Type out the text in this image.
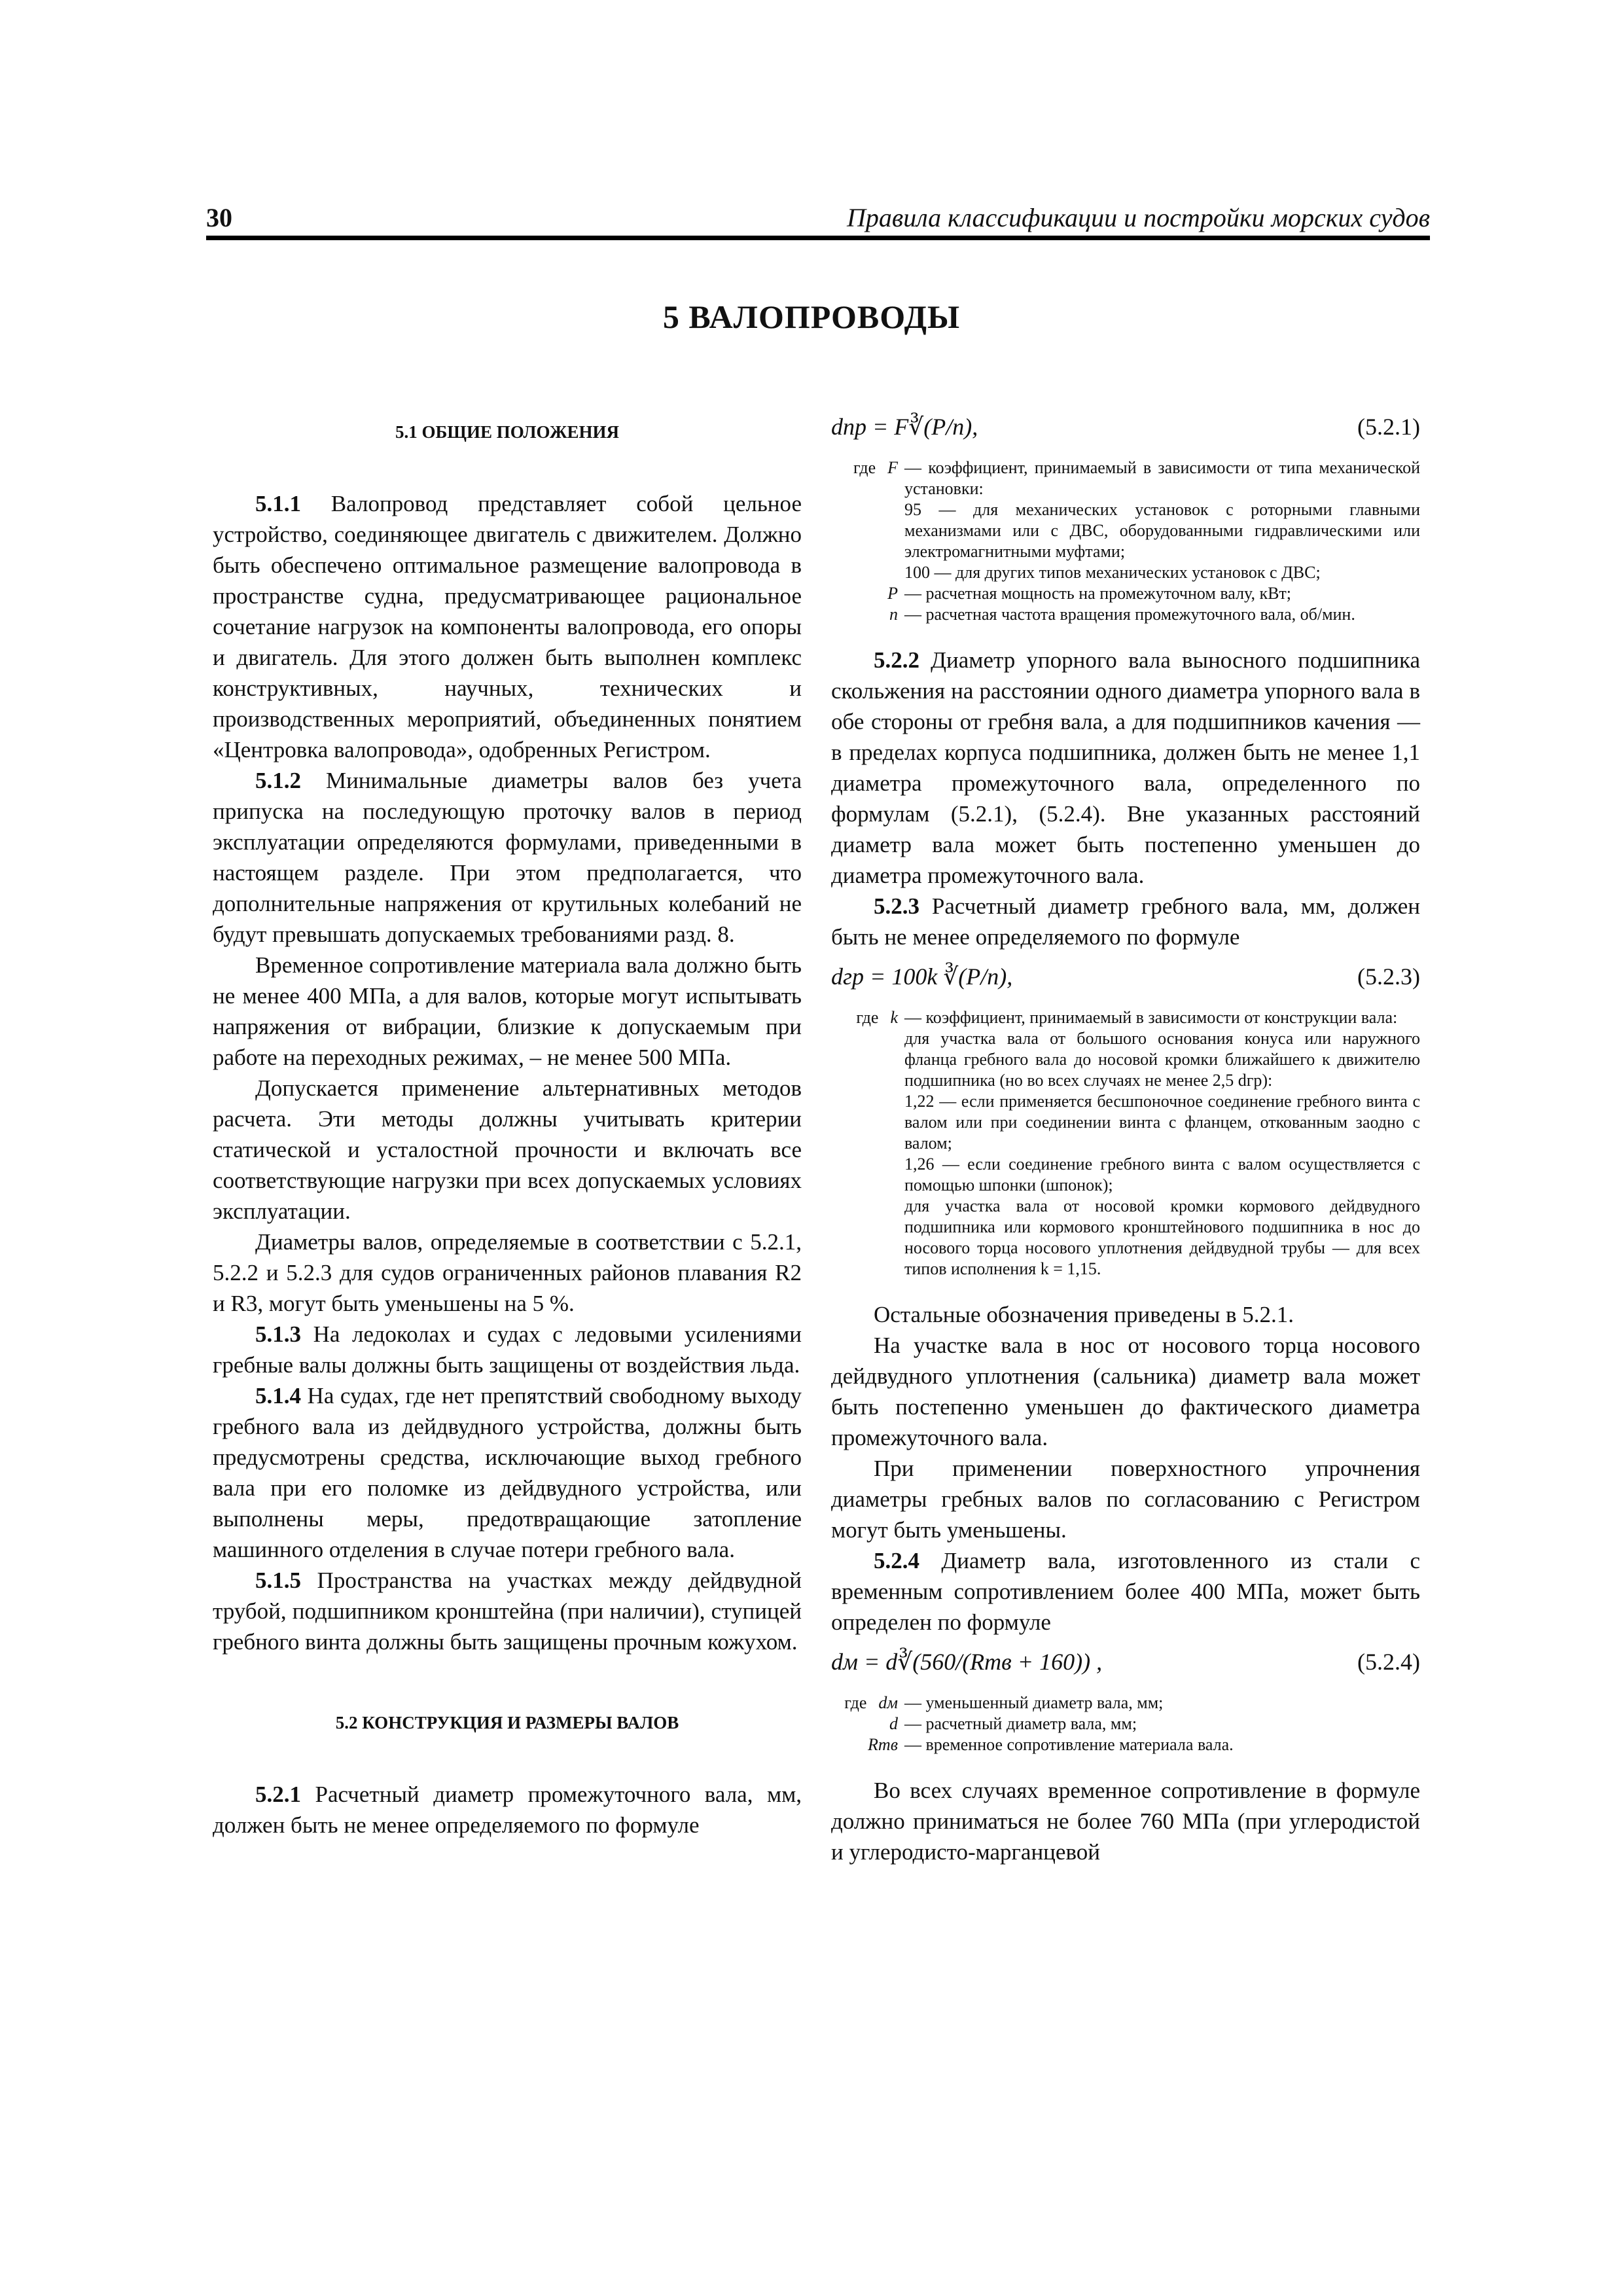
30	Правила классификации и постройки морских судов
5 ВАЛОПРОВОДЫ
5.1 ОБЩИЕ ПОЛОЖЕНИЯ

5.1.1 Валопровод представляет собой цельное устройство, соединяющее двигатель с движителем. Должно быть обеспечено оптимальное размещение валопровода в пространстве судна, предусматривающее рациональное сочетание нагрузок на компоненты валопровода, его опоры и двигатель. Для этого должен быть выполнен комплекс конструктивных, научных, технических и производственных мероприятий, объединенных понятием «Центровка валопровода», одобренных Регистром.

5.1.2 Минимальные диаметры валов без учета припуска на последующую проточку валов в период эксплуатации определяются формулами, приведенными в настоящем разделе. При этом предполагается, что дополнительные напряжения от крутильных колебаний не будут превышать допускаемых требованиями разд. 8.

Временное сопротивление материала вала должно быть не менее 400 МПа, а для валов, которые могут испытывать напряжения от вибрации, близкие к допускаемым при работе на переходных режимах, – не менее 500 МПа.

Допускается применение альтернативных методов расчета. Эти методы должны учитывать критерии статической и усталостной прочности и включать все соответствующие нагрузки при всех допускаемых условиях эксплуатации.

Диаметры валов, определяемые в соответствии с 5.2.1, 5.2.2 и 5.2.3 для судов ограниченных районов плавания R2 и R3, могут быть уменьшены на 5 %.

5.1.3 На ледоколах и судах с ледовыми усилениями гребные валы должны быть защищены от воздействия льда.

5.1.4 На судах, где нет препятствий свободному выходу гребного вала из дейдвудного устройства, должны быть предусмотрены средства, исключающие выход гребного вала при его поломке из дейдвудного устройства, или выполнены меры, предотвращающие затопление машинного отделения в случае потери гребного вала.

5.1.5 Пространства на участках между дейдвудной трубой, подшипником кронштейна (при наличии), ступицей гребного винта должны быть защищены прочным кожухом.

5.2 КОНСТРУКЦИЯ И РАЗМЕРЫ ВАЛОВ

5.2.1 Расчетный диаметр промежуточного вала, мм, должен быть не менее определяемого по формуле

dпр = F∛(P/n),	(5.2.1)
где F — коэффициент, принимаемый в зависимости от типа механической установки:
95 — для механических установок с роторными главными механизмами или с ДВС, оборудованными гидравлическими или электромагнитными муфтами;
100 — для других типов механических установок с ДВС;
P — расчетная мощность на промежуточном валу, кВт;
n — расчетная частота вращения промежуточного вала, об/мин.

5.2.2 Диаметр упорного вала выносного подшипника скольжения на расстоянии одного диаметра упорного вала в обе стороны от гребня вала, а для подшипников качения — в пределах корпуса подшипника, должен быть не менее 1,1 диаметра промежуточного вала, определенного по формулам (5.2.1), (5.2.4). Вне указанных расстояний диаметр вала может быть постепенно уменьшен до диаметра промежуточного вала.

5.2.3 Расчетный диаметр гребного вала, мм, должен быть не менее определяемого по формуле

dгр = 100k ∛(P/n),	(5.2.3)
где k — коэффициент, принимаемый в зависимости от конструкции вала:
для участка вала от большого основания конуса или наружного фланца гребного вала до носовой кромки ближайшего к движителю подшипника (но во всех случаях не менее 2,5 dгр):
1,22 — если применяется бесшпоночное соединение гребного винта с валом или при соединении винта с фланцем, откованным заодно с валом;
1,26 — если соединение гребного винта с валом осуществляется с помощью шпонки (шпонок);
для участка вала от носовой кромки кормового дейдвудного подшипника или кормового кронштейнового подшипника в нос до носового торца носового уплотнения дейдвудной трубы — для всех типов исполнения k = 1,15.

Остальные обозначения приведены в 5.2.1.

На участке вала в нос от носового торца носового дейдвудного уплотнения (сальника) диаметр вала может быть постепенно уменьшен до фактического диаметра промежуточного вала.

При применении поверхностного упрочнения диаметры гребных валов по согласованию с Регистром могут быть уменьшены.

5.2.4 Диаметр вала, изготовленного из стали с временным сопротивлением более 400 МПа, может быть определен по формуле

dм = d∛(560/(Rmв + 160)) ,	(5.2.4)
где dм — уменьшенный диаметр вала, мм;
d — расчетный диаметр вала, мм;
Rmв — временное сопротивление материала вала.

Во всех случаях временное сопротивление в формуле должно приниматься не более 760 МПа (при углеродистой и углеродисто-марганцевой
